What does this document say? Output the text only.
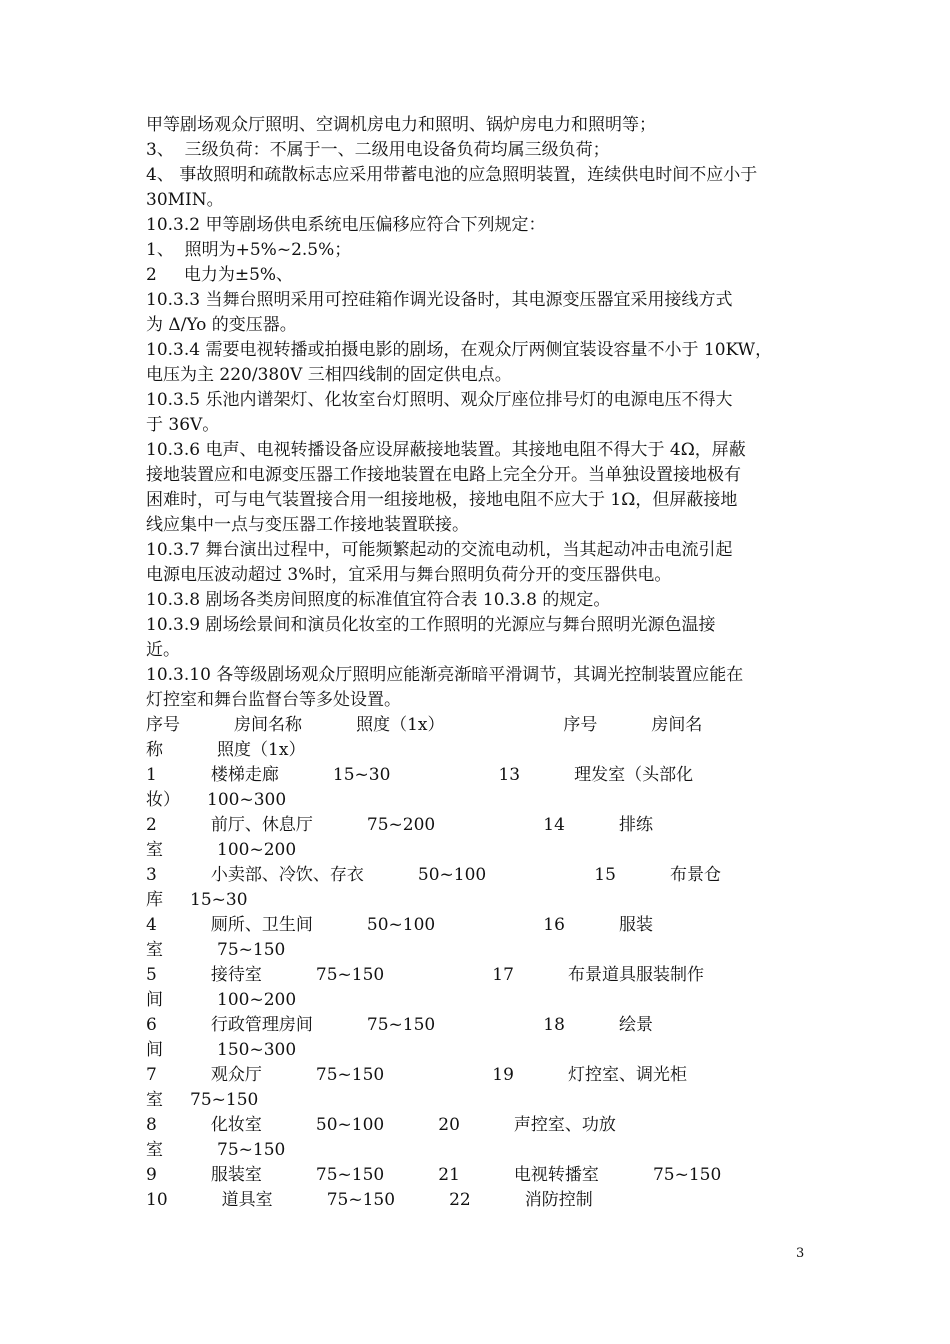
甲等剧场观众厅照明、空调机房电力和照明、锅炉房电力和照明等；

3、  三级负荷：不属于一、二级用电设备负荷均属三级负荷；

4、 事故照明和疏散标志应采用带蓄电池的应急照明装置，连续供电时间不应小于

30MIN。

10.3.2 甲等剧场供电系统电压偏移应符合下列规定：

1、  照明为+5%~2.5%；

2     电力为±5%、

10.3.3 当舞台照明采用可控硅箱作调光设备时，其电源变压器宜采用接线方式

为 Δ/Yo 的变压器。

10.3.4 需要电视转播或拍摄电影的剧场，在观众厅两侧宜装设容量不小于 10KW，

电压为主 220/380V 三相四线制的固定供电点。

10.3.5 乐池内谱架灯、化妆室台灯照明、观众厅座位排号灯的电源电压不得大

于 36V。

10.3.6 电声、电视转播设备应设屏蔽接地装置。其接地电阻不得大于 4Ω，屏蔽

接地装置应和电源变压器工作接地装置在电路上完全分开。当单独设置接地极有

困难时，可与电气装置接合用一组接地极，接地电阻不应大于 1Ω，但屏蔽接地

线应集中一点与变压器工作接地装置联接。

10.3.7 舞台演出过程中，可能频繁起动的交流电动机，当其起动冲击电流引起

电源电压波动超过 3%时，宜采用与舞台照明负荷分开的变压器供电。

10.3.8 剧场各类房间照度的标准值宜符合表 10.3.8 的规定。

10.3.9 剧场绘景间和演员化妆室的工作照明的光源应与舞台照明光源色温接

近。

10.3.10 各等级剧场观众厅照明应能渐亮渐暗平滑调节，其调光控制装置应能在

灯控室和舞台监督台等多处设置。

序号          房间名称          照度（1x）                      序号          房间名

称          照度（1x）

1          楼梯走廊          15~30                    13          理发室（头部化

妆）     100~300

2          前厅、休息厅          75~200                    14          排练

室          100~200

3          小卖部、冷饮、存衣          50~100                    15          布景仓

库     15~30

4          厕所、卫生间          50~100                    16          服装

室          75~150

5          接待室          75~150                    17          布景道具服装制作

间          100~200

6          行政管理房间          75~150                    18          绘景

间          150~300

7          观众厅          75~150                    19          灯控室、调光柜

室     75~150

8          化妆室          50~100          20          声控室、功放

室          75~150

9          服装室          75~150          21          电视转播室          75~150

10          道具室          75~150          22          消防控制

3
